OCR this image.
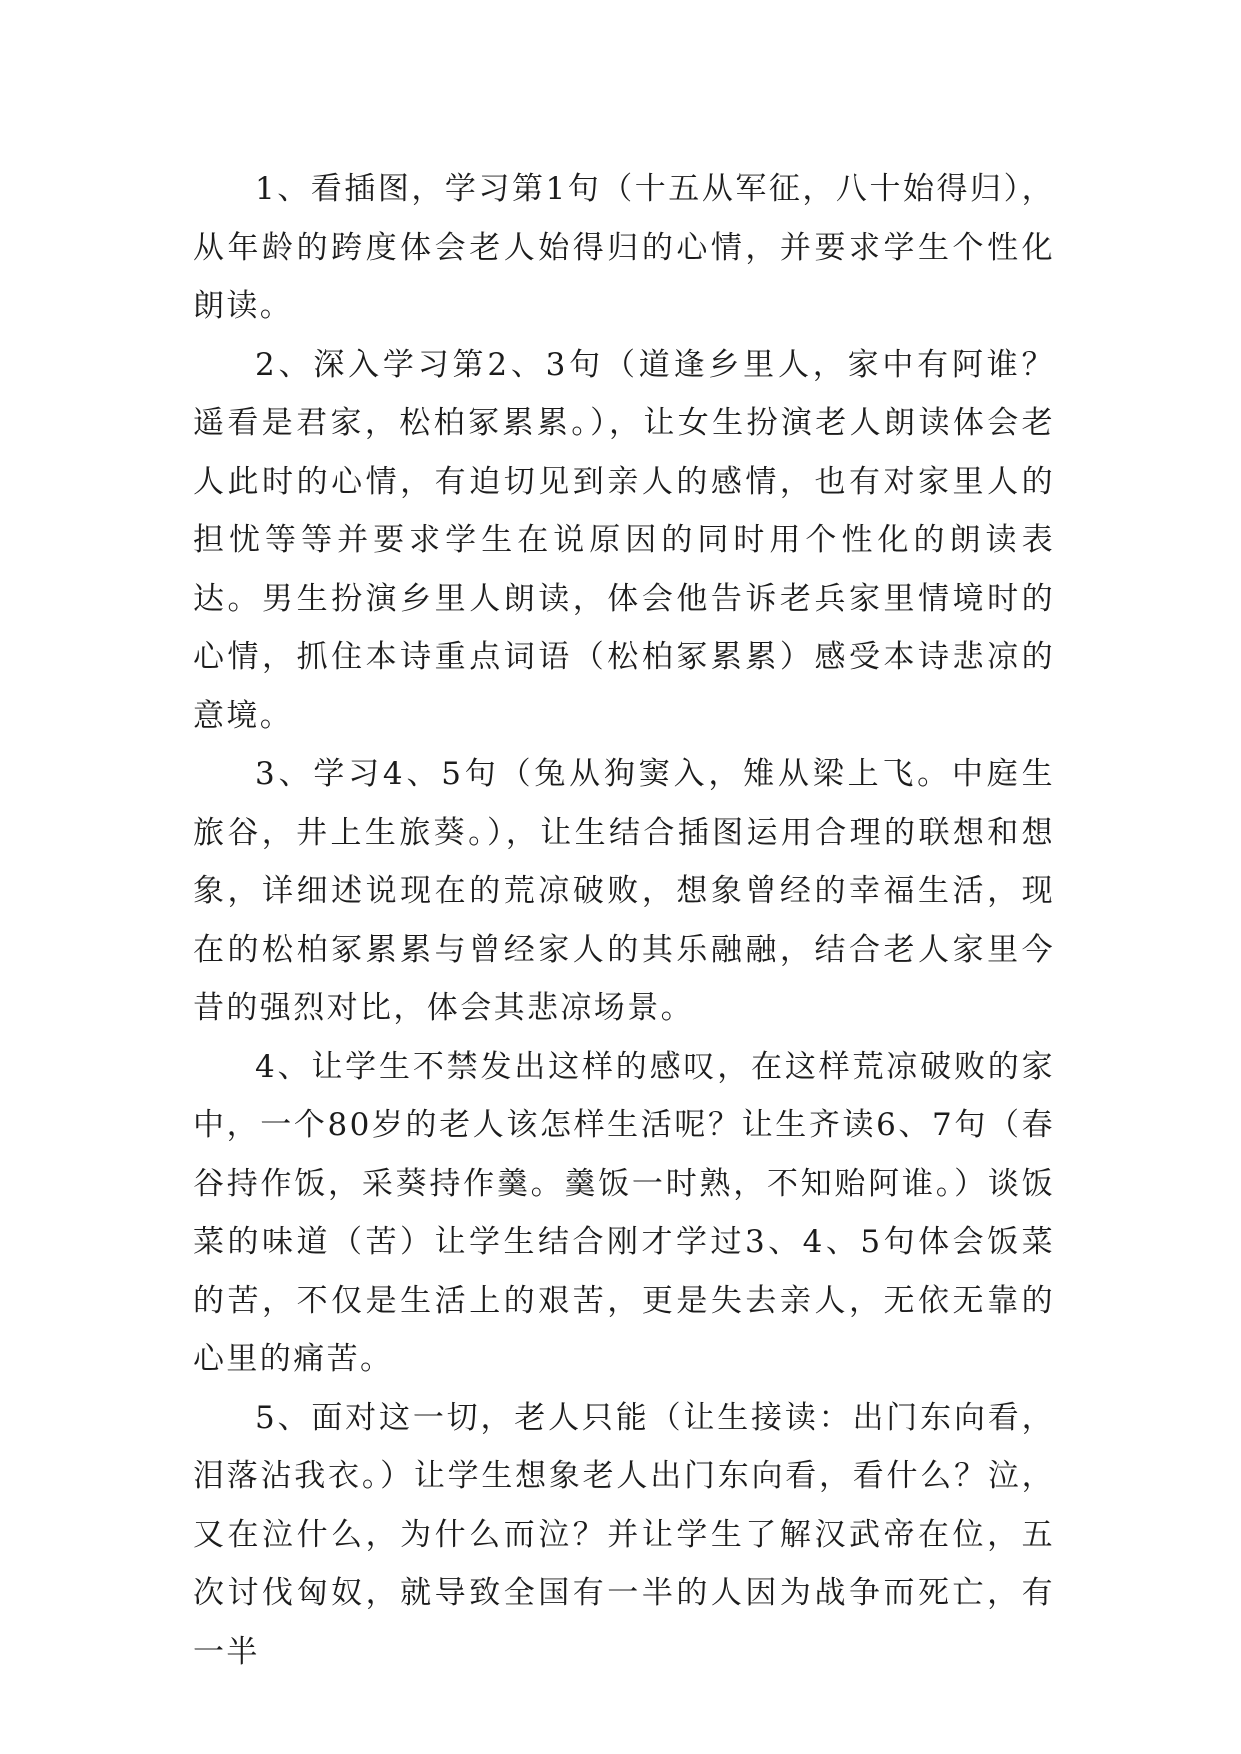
1、看插图，学习第1句（十五从军征，八十始得归），从年龄的跨度体会老人始得归的心情，并要求学生个性化朗读。

2、深入学习第2、3句（道逢乡里人，家中有阿谁？遥看是君家，松柏冢累累。），让女生扮演老人朗读体会老人此时的心情，有迫切见到亲人的感情，也有对家里人的担忧等等并要求学生在说原因的同时用个性化的朗读表达。男生扮演乡里人朗读，体会他告诉老兵家里情境时的心情，抓住本诗重点词语（松柏冢累累）感受本诗悲凉的意境。

3、学习4、5句（兔从狗窦入，雉从梁上飞。中庭生旅谷，井上生旅葵。），让生结合插图运用合理的联想和想象，详细述说现在的荒凉破败，想象曾经的幸福生活，现在的松柏冢累累与曾经家人的其乐融融，结合老人家里今昔的强烈对比，体会其悲凉场景。

4、让学生不禁发出这样的感叹，在这样荒凉破败的家中，一个80岁的老人该怎样生活呢？让生齐读6、7句（春谷持作饭，采葵持作羹。羹饭一时熟，不知贻阿谁。）谈饭菜的味道（苦）让学生结合刚才学过3、4、5句体会饭菜的苦，不仅是生活上的艰苦，更是失去亲人，无依无靠的心里的痛苦。

5、面对这一切，老人只能（让生接读：出门东向看，泪落沾我衣。）让学生想象老人出门东向看，看什么？泣，又在泣什么，为什么而泣？并让学生了解汉武帝在位，五次讨伐匈奴，就导致全国有一半的人因为战争而死亡，有一半
